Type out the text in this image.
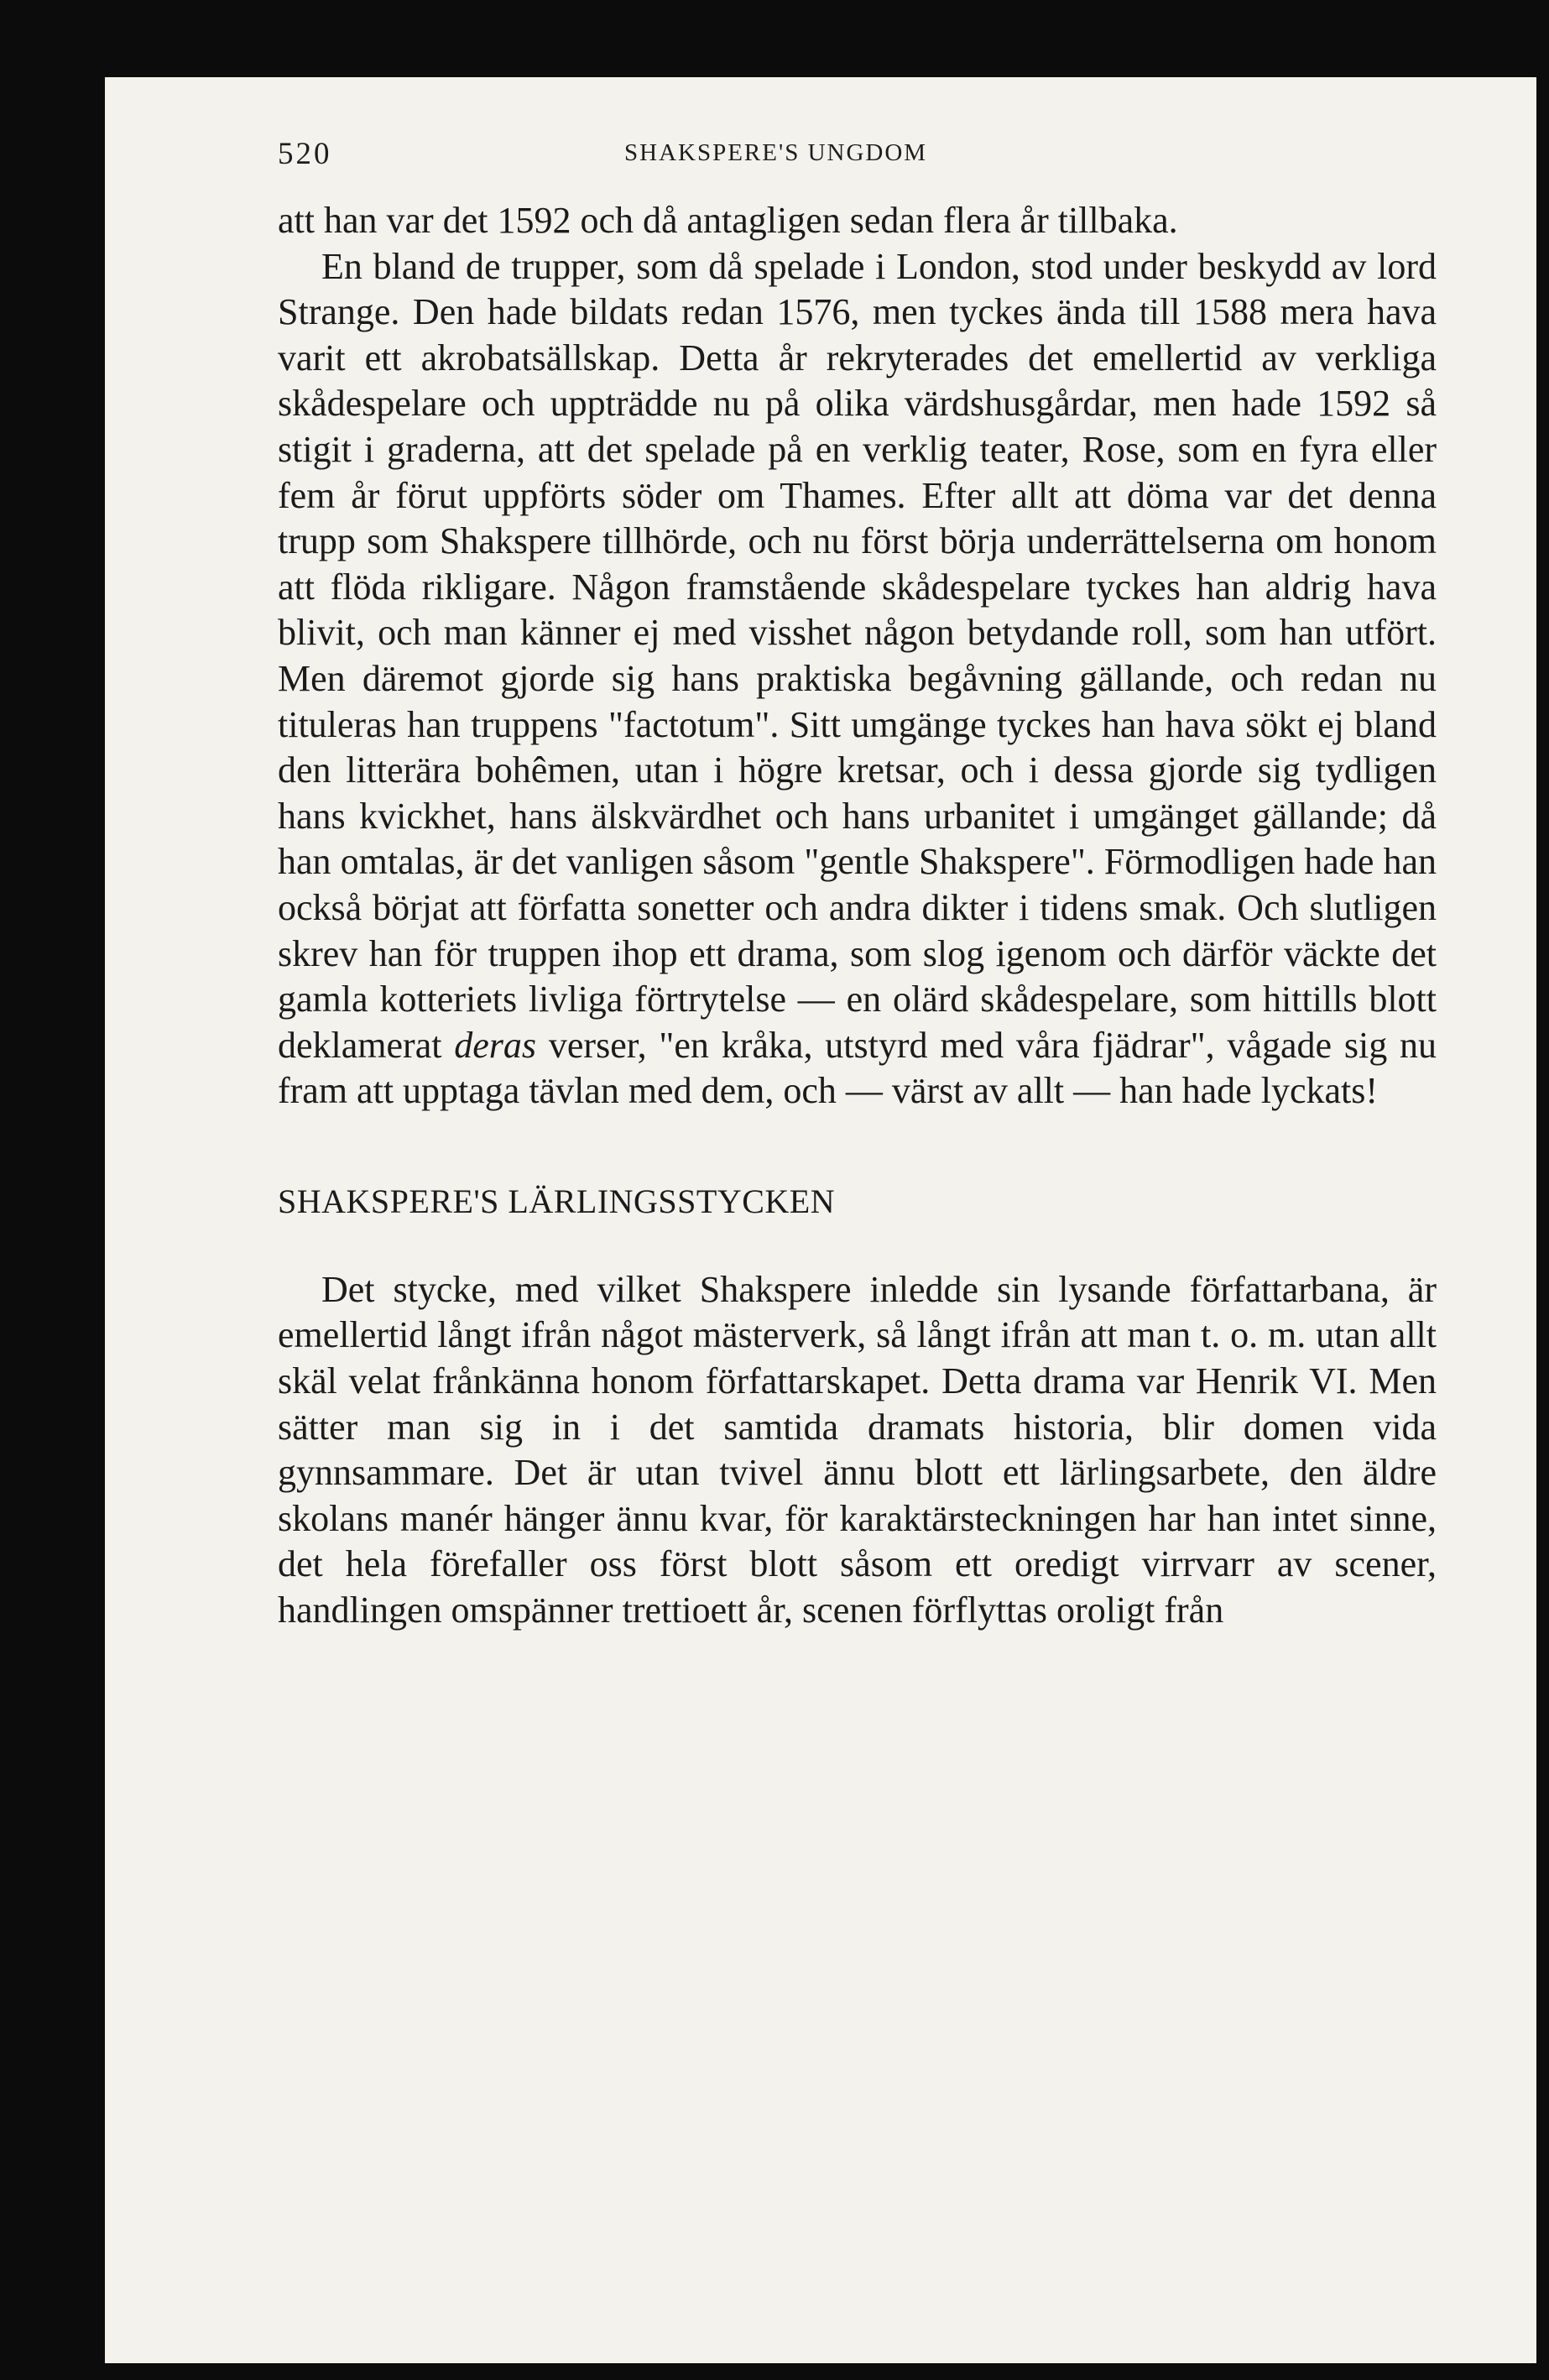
520	SHAKSPERE'S UNGDOM

att han var det 1592 och då antagligen sedan flera år tillbaka.

En bland de trupper, som då spelade i London, stod under beskydd av lord Strange. Den hade bildats redan 1576, men tyckes ända till 1588 mera hava varit ett akrobatsällskap. Detta år rekryterades det emellertid av verkliga skådespelare och uppträdde nu på olika värdshusgårdar, men hade 1592 så stigit i graderna, att det spelade på en verklig teater, Rose, som en fyra eller fem år förut uppförts söder om Thames. Efter allt att döma var det denna trupp som Shakspere tillhörde, och nu först börja underrättelserna om honom att flöda rikligare. Någon framstående skådespelare tyckes han aldrig hava blivit, och man känner ej med visshet någon betydande roll, som han utfört. Men däremot gjorde sig hans praktiska begåvning gällande, och redan nu tituleras han truppens "factotum". Sitt umgänge tyckes han hava sökt ej bland den litterära bohêmen, utan i högre kretsar, och i dessa gjorde sig tydligen hans kvickhet, hans älskvärdhet och hans urbanitet i umgänget gällande; då han omtalas, är det vanligen såsom "gentle Shakspere". Förmodligen hade han också börjat att författa sonetter och andra dikter i tidens smak. Och slutligen skrev han för truppen ihop ett drama, som slog igenom och därför väckte det gamla kotteriets livliga förtrytelse — en olärd skådespelare, som hittills blott deklamerat deras verser, "en kråka, utstyrd med våra fjädrar", vågade sig nu fram att upptaga tävlan med dem, och — värst av allt — han hade lyckats!

SHAKSPERE'S LÄRLINGSSTYCKEN

Det stycke, med vilket Shakspere inledde sin lysande författarbana, är emellertid långt ifrån något mästerverk, så långt ifrån att man t. o. m. utan allt skäl velat frånkänna honom författarskapet. Detta drama var Henrik VI. Men sätter man sig in i det samtida dramats historia, blir domen vida gynnsammare. Det är utan tvivel ännu blott ett lärlingsarbete, den äldre skolans manér hänger ännu kvar, för karaktärsteckningen har han intet sinne, det hela förefaller oss först blott såsom ett oredigt virrvarr av scener, handlingen omspänner trettioett år, scenen förflyttas oroligt från
